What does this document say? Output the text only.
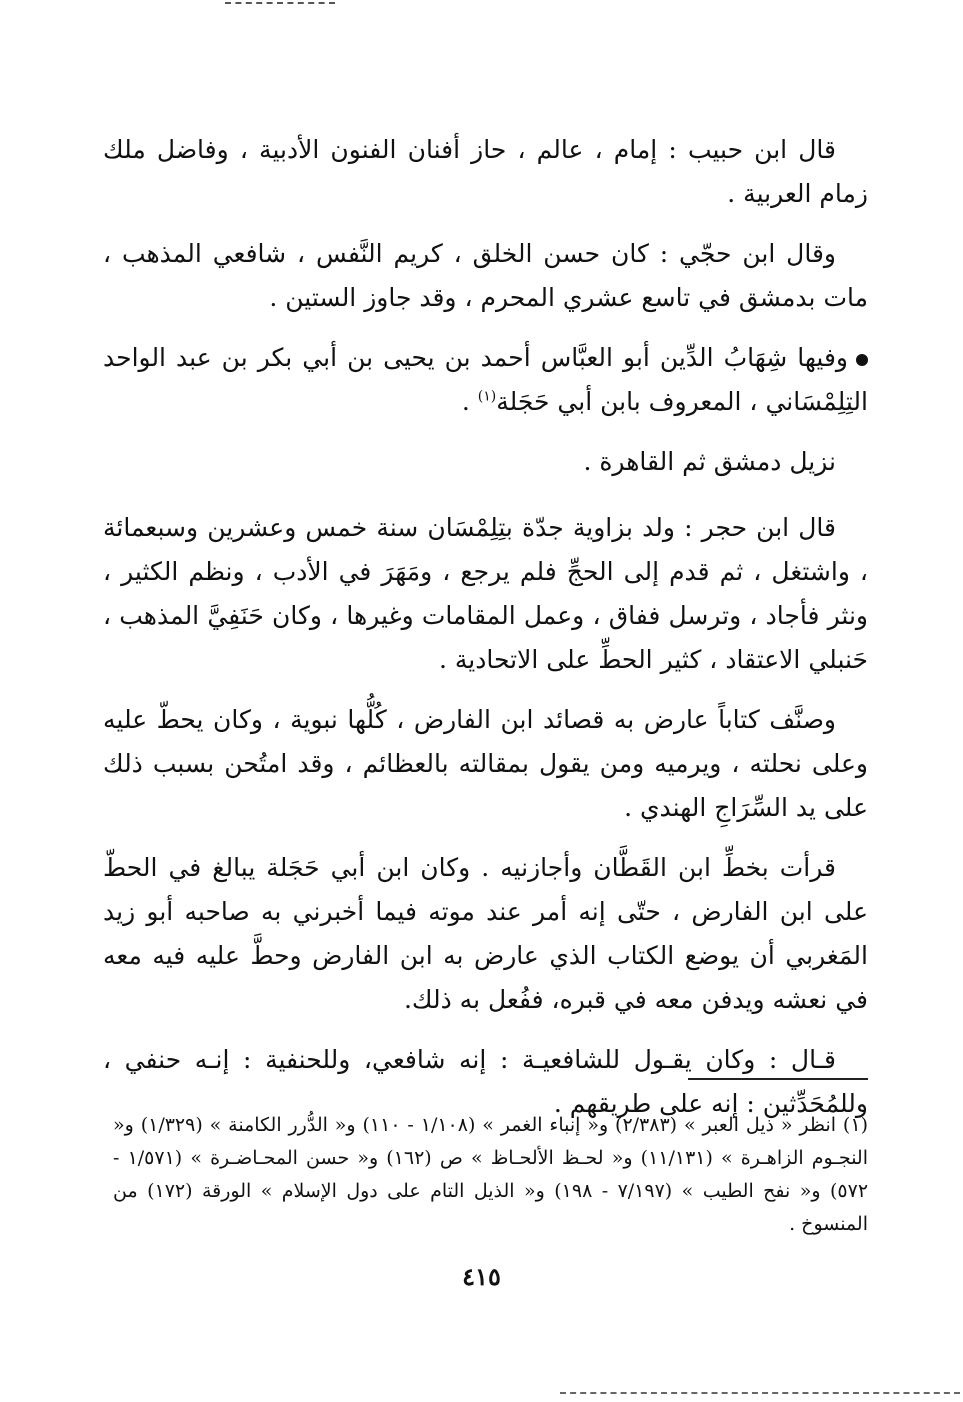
قال ابن حبيب : إمام ، عالم ، حاز أفنان الفنون الأدبية ، وفاضل ملك زمام العربية .

وقال ابن حجّي : كان حسن الخلق ، كريم النَّفس ، شافعي المذهب ، مات بدمشق في تاسع عشري المحرم ، وقد جاوز الستين .

وفيها شِهَابُ الدِّين أبو العبَّاس أحمد بن يحيى بن أبي بكر بن عبد الواحد التِلِمْسَاني ، المعروف بابن أبي حَجَلة$^{(١)}$ .

نزيل دمشق ثم القاهرة .

قال ابن حجر : ولد بزاوية جدّة بتِلِمْسَان سنة خمس وعشرين وسبعمائة ، واشتغل ، ثم قدم إلى الحجِّ فلم يرجع ، ومَهَرَ في الأدب ، ونظم الكثير ، ونثر فأجاد ، وترسل ففاق ، وعمل المقامات وغيرها ، وكان حَنَفِيَّ المذهب ، حَنبلي الاعتقاد ، كثير الحطِّ على الاتحادية .

وصنَّف كتاباً عارض به قصائد ابن الفارض ، كُلُّها نبوية ، وكان يحطّ عليه وعلى نحلته ، ويرميه ومن يقول بمقالته بالعظائم ، وقد امتُحن بسبب ذلك على يد السِّرَاجِ الهندي .

قرأت بخطِّ ابن القَطَّان وأجازنيه . وكان ابن أبي حَجَلة يبالغ في الحطّ على ابن الفارض ، حتّى إنه أمر عند موته فيما أخبرني به صاحبه أبو زيد المَغربي أن يوضع الكتاب الذي عارض به ابن الفارض وحطَّ عليه فيه معه في نعشه ويدفن معه في قبره، ففُعل به ذلك.

قـال : وكان يقـول للشافعيـة : إنه شافعي، وللحنفية : إنـه حنفي ، وللمُحَدِّثين : إنه على طريقهم .

(١) انظر « ذيل العبر » (٢/٣٨٣) و« إنباء الغمر » (١/١٠٨ - ١١٠) و« الدُّرر الكامنة » (١/٣٢٩) و« النجـوم الزاهـرة » (١١/١٣١) و« لحـظ الألحـاظ » ص (١٦٢) و« حسن المحـاضـرة » (١/٥٧١ - ٥٧٢) و« نفح الطيب » (٧/١٩٧ - ١٩٨) و« الذيل التام على دول الإسلام » الورقة (١٧٢) من المنسوخ .

٤١٥
